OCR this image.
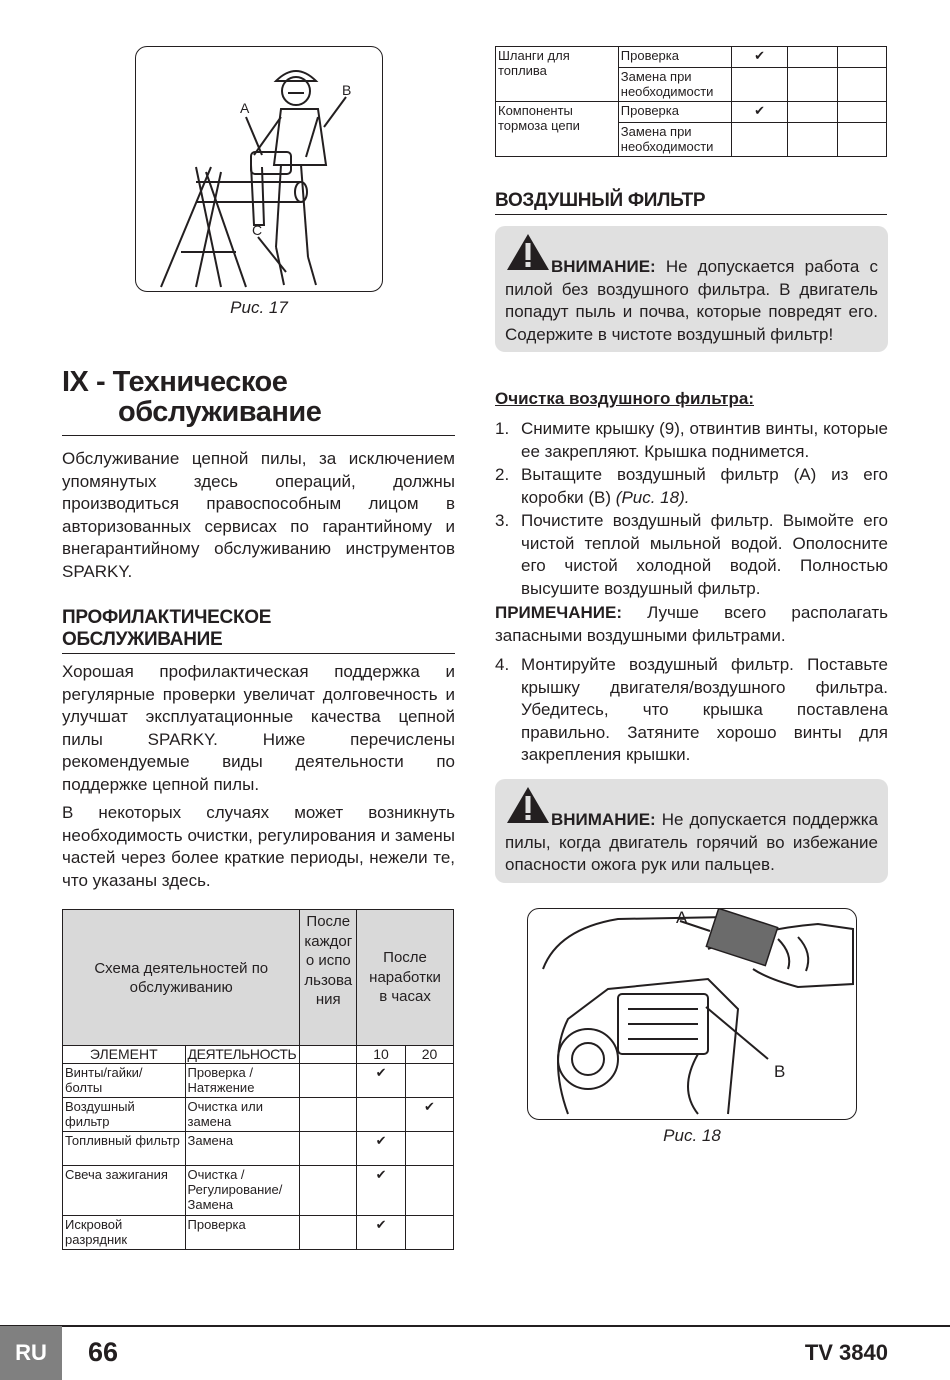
A
B
C
Рис. 17
IX - Техническое
обслуживание
Обслуживание цепной пилы, за исключением упомянутых здесь операций, должны производиться правоспособным лицом в авторизованных сервисах по гарантийному и внегарантийному обслуживанию инструментов SPARKY.
ПРОФИЛАКТИЧЕСКОЕ
ОБСЛУЖИВАНИЕ
Хорошая профилактическая поддержка и регулярные проверки увеличат долговечность и улучшат эксплуатационные качества цепной пилы SPARKY. Ниже перечислены рекомендуемые виды деятельности по поддержке цепной пилы.
В некоторых случаях может возникнуть необходимость очистки, регулирования и замены частей через более краткие периоды, нежели те, что указаны здесь.
Схема деятельностей по обслуживанию		После каждого использования	После наработки в часах	
ЭЛЕМЕНТ	ДЕЯТЕЛЬНОСТЬ		10	20
Винты/гайки/ болты	Проверка / Натяжение		✔	
Воздушный фильтр	Очистка или замена			✔
Топливный фильтр	Замена		✔	
Свеча зажигания	Очистка / Регулирование/ Замена		✔	
Искровой разрядник	Проверка		✔	
Шланги для топлива	Проверка	✔		
	Замена при необходимости			
Компоненты тормоза цепи	Проверка	✔		
	Замена при необходимости			
ВОЗДУШНЫЙ ФИЛЬТР
ВНИМАНИЕ: Не допускается работа с пилой без воздушного фильтра. В двигатель попадут пыль и почва, которые повредят его. Содержите в чистоте воздушный фильтр!
Очистка воздушного фильтра:
1. Снимите крышку (9), отвинтив винты, которые ее закрепляют. Крышка поднимется.
2. Вытащите воздушный фильтр (A) из его коробки (B) (Рис. 18).
3. Почистите воздушный фильтр. Вымойте его чистой теплой мыльной водой. Ополосните его чистой холодной водой. Полностью высушите воздушный фильтр.
ПРИМЕЧАНИЕ: Лучше всего располагать запасными воздушными фильтрами.
4. Монтируйте воздушный фильтр. Поставьте крышку двигателя/воздушного фильтра. Убедитесь, что крышка поставлена правильно. Затяните хорошо винты для закрепления крышки.
ВНИМАНИЕ: Не допускается поддержка пилы, когда двигатель горячий во избежание опасности ожога рук или пальцев.
A
B
Рис. 18
RU	66	TV 3840
